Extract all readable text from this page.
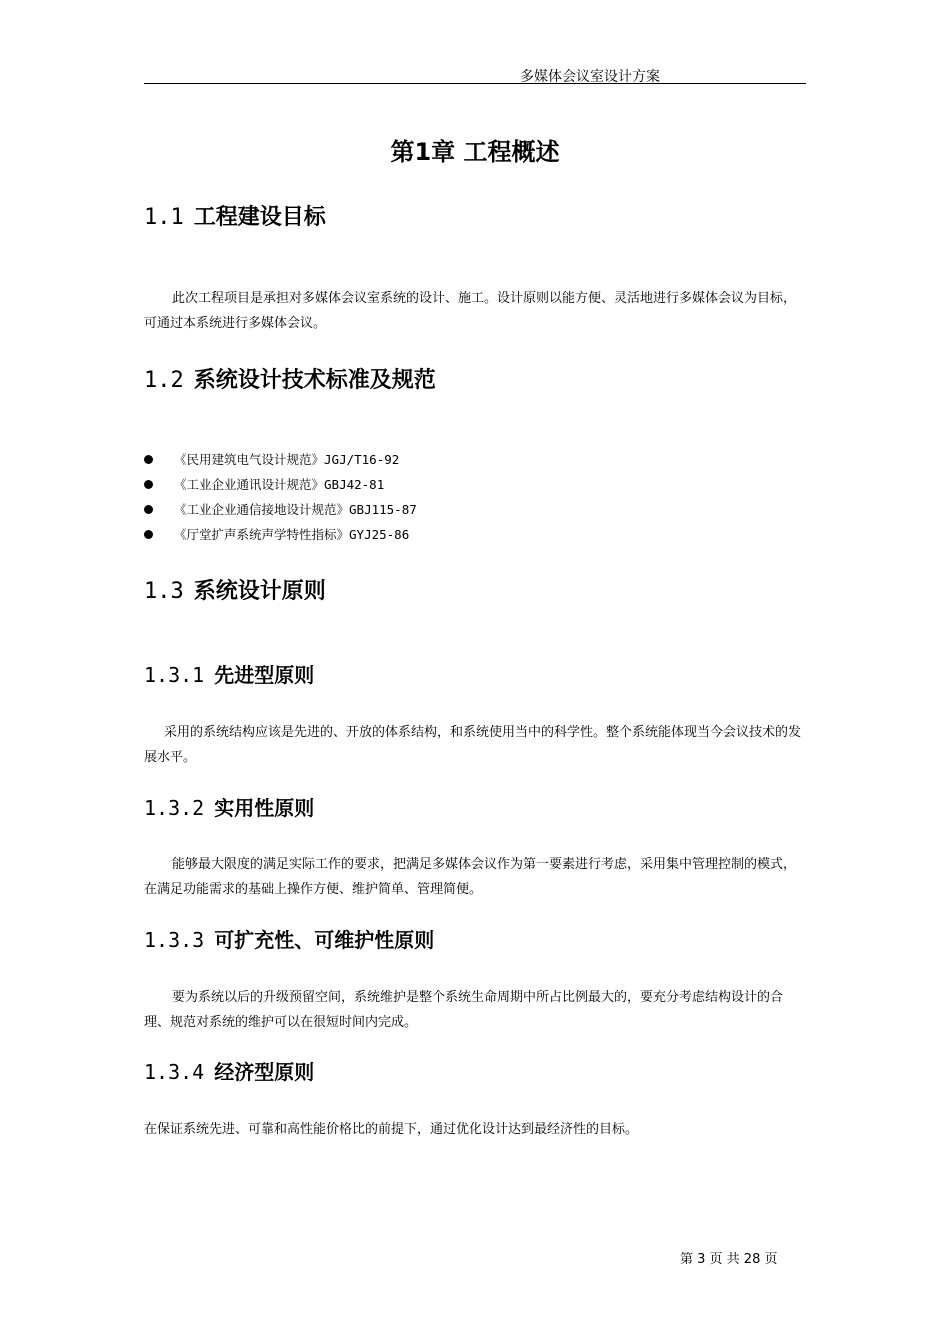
多媒体会议室设计方案
第1章 工程概述
1.1 工程建设目标
此次工程项目是承担对多媒体会议室系统的设计、施工。设计原则以能方便、灵活地进行多媒体会议为目标，可通过本系统进行多媒体会议。
1.2 系统设计技术标准及规范
《民用建筑电气设计规范》JGJ/T16-92
《工业企业通讯设计规范》GBJ42-81
《工业企业通信接地设计规范》GBJ115-87
《厅堂扩声系统声学特性指标》GYJ25-86
1.3 系统设计原则
1.3.1 先进型原则
采用的系统结构应该是先进的、开放的体系结构，和系统使用当中的科学性。整个系统能体现当今会议技术的发展水平。
1.3.2 实用性原则
能够最大限度的满足实际工作的要求，把满足多媒体会议作为第一要素进行考虑，采用集中管理控制的模式，在满足功能需求的基础上操作方便、维护简单、管理简便。
1.3.3 可扩充性、可维护性原则
要为系统以后的升级预留空间，系统维护是整个系统生命周期中所占比例最大的，要充分考虑结构设计的合理、规范对系统的维护可以在很短时间内完成。
1.3.4 经济型原则
在保证系统先进、可靠和高性能价格比的前提下，通过优化设计达到最经济性的目标。
第 3 页 共 28 页
